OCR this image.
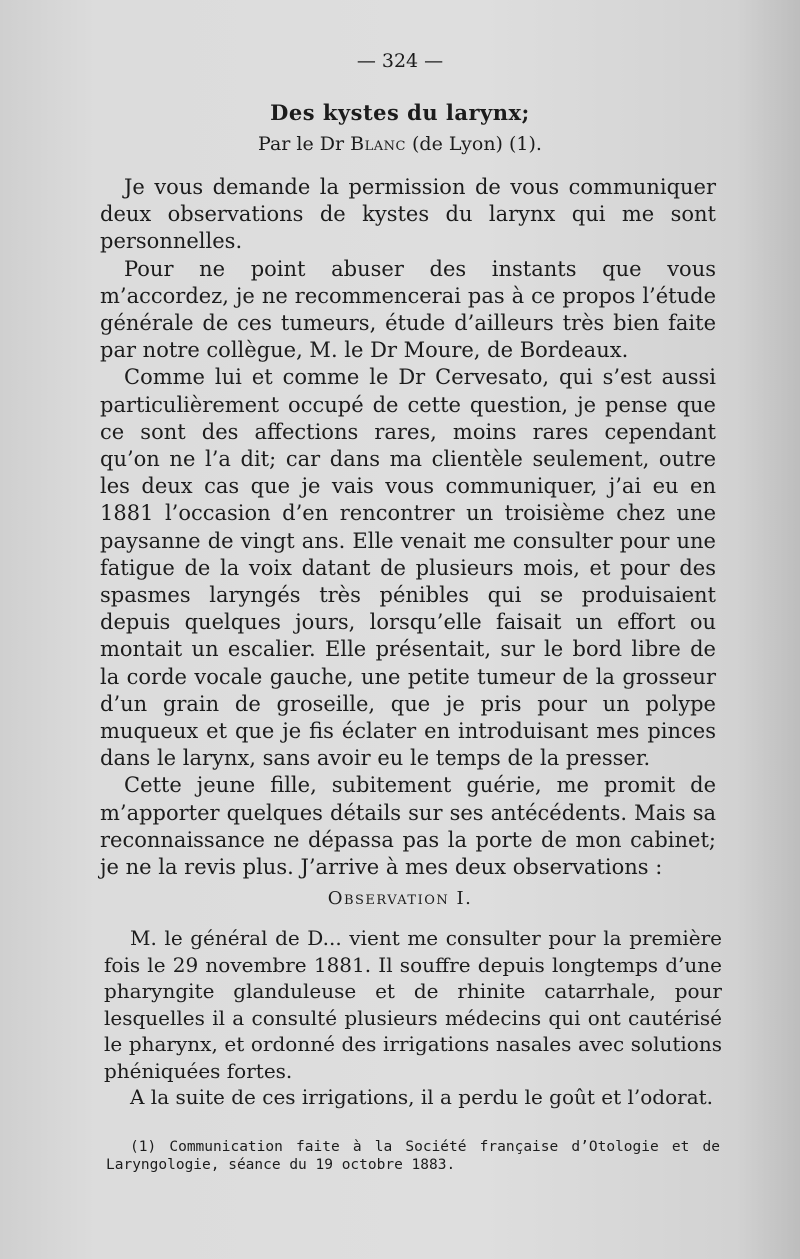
— 324 —
Des kystes du larynx;
Par le Dr Blanc (de Lyon) (1).

Je vous demande la permission de vous communiquer deux observations de kystes du larynx qui me sont personnelles.

Pour ne point abuser des instants que vous m’accordez, je ne recommencerai pas à ce propos l’étude générale de ces tumeurs, étude d’ailleurs très bien faite par notre collègue, M. le Dr Moure, de Bordeaux.

Comme lui et comme le Dr Cervesato, qui s’est aussi particulièrement occupé de cette question, je pense que ce sont des affections rares, moins rares cependant qu’on ne l’a dit; car dans ma clientèle seulement, outre les deux cas que je vais vous communiquer, j’ai eu en 1881 l’occasion d’en rencontrer un troisième chez une paysanne de vingt ans. Elle venait me consulter pour une fatigue de la voix datant de plusieurs mois, et pour des spasmes laryngés très pénibles qui se produisaient depuis quelques jours, lorsqu’elle faisait un effort ou montait un escalier. Elle présentait, sur le bord libre de la corde vocale gauche, une petite tumeur de la grosseur d’un grain de groseille, que je pris pour un polype muqueux et que je fis éclater en introduisant mes pinces dans le larynx, sans avoir eu le temps de la presser.

Cette jeune fille, subitement guérie, me promit de m’apporter quelques détails sur ses antécédents. Mais sa reconnaissance ne dépassa pas la porte de mon cabinet; je ne la revis plus. J’arrive à mes deux observations :

Observation I.

M. le général de D... vient me consulter pour la première fois le 29 novembre 1881. Il souffre depuis longtemps d’une pharyngite glanduleuse et de rhinite catarrhale, pour lesquelles il a consulté plusieurs médecins qui ont cautérisé le pharynx, et ordonné des irrigations nasales avec solutions phéniquées fortes.

A la suite de ces irrigations, il a perdu le goût et l’odorat.

(1) Communication faite à la Société française d’Otologie et de Laryngologie, séance du 19 octobre 1883.
